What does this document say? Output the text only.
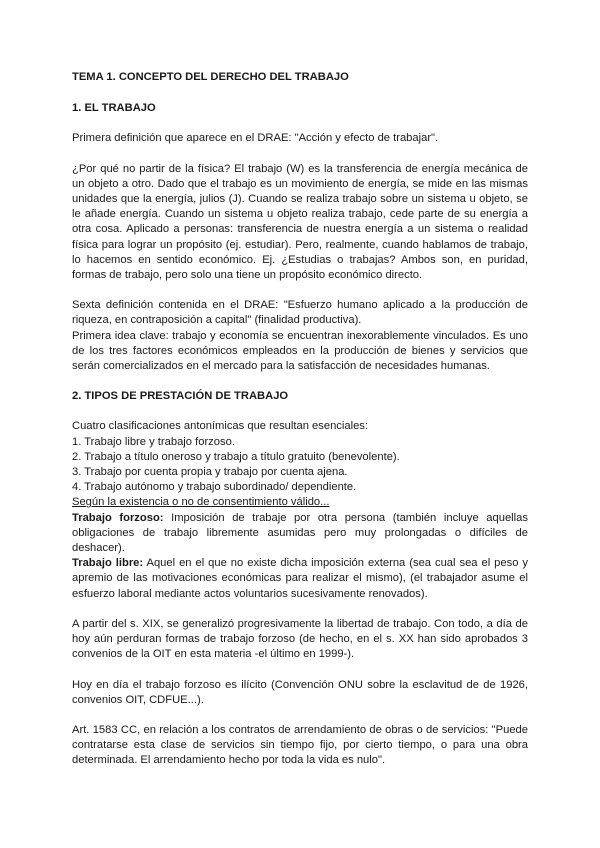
TEMA 1. CONCEPTO DEL DERECHO DEL TRABAJO
1. EL TRABAJO

Primera definición que aparece en el DRAE: "Acción y efecto de trabajar".

¿Por qué no partir de la física? El trabajo (W) es la transferencia de energía mecánica de un objeto a otro. Dado que el trabajo es un movimiento de energía, se mide en las mismas unidades que la energía, julios (J). Cuando se realiza trabajo sobre un sistema u objeto, se le añade energía. Cuando un sistema u objeto realiza trabajo, cede parte de su energía a otra cosa. Aplicado a personas: transferencia de nuestra energía a un sistema o realidad física para lograr un propósito (ej. estudiar). Pero, realmente, cuando hablamos de trabajo, lo hacemos en sentido económico. Ej. ¿Estudias o trabajas? Ambos son, en puridad, formas de trabajo, pero solo una tiene un propósito económico directo.

Sexta definición contenida en el DRAE: "Esfuerzo humano aplicado a la producción de riqueza, en contraposición a capital" (finalidad productiva).

Primera idea clave: trabajo y economía se encuentran inexorablemente vinculados. Es uno de los tres factores económicos empleados en la producción de bienes y servicios que serán comercializados en el mercado para la satisfacción de necesidades humanas.

2. TIPOS DE PRESTACIÓN DE TRABAJO

Cuatro clasificaciones antonímicas que resultan esenciales:

1. Trabajo libre y trabajo forzoso.
2. Trabajo a título oneroso y trabajo a título gratuito (benevolente).
3. Trabajo por cuenta propia y trabajo por cuenta ajena.
4. Trabajo autónomo y trabajo subordinado/ dependiente.

Según la existencia o no de consentimiento válido...

Trabajo forzoso: Imposición de trabaje por otra persona (también incluye aquellas obligaciones de trabajo libremente asumidas pero muy prolongadas o difíciles de deshacer).

Trabajo libre: Aquel en el que no existe dicha imposición externa (sea cual sea el peso y apremio de las motivaciones económicas para realizar el mismo), (el trabajador asume el esfuerzo laboral mediante actos voluntarios sucesivamente renovados).

A partir del s. XIX, se generalizó progresivamente la libertad de trabajo. Con todo, a día de hoy aún perduran formas de trabajo forzoso (de hecho, en el s. XX han sido aprobados 3 convenios de la OIT en esta materia -el último en 1999-).

Hoy en día el trabajo forzoso es ilícito (Convención ONU sobre la esclavitud de de 1926, convenios OIT, CDFUE...).

Art. 1583 CC, en relación a los contratos de arrendamiento de obras o de servicios: "Puede contratarse esta clase de servicios sin tiempo fijo, por cierto tiempo, o para una obra determinada. El arrendamiento hecho por toda la vida es nulo".
